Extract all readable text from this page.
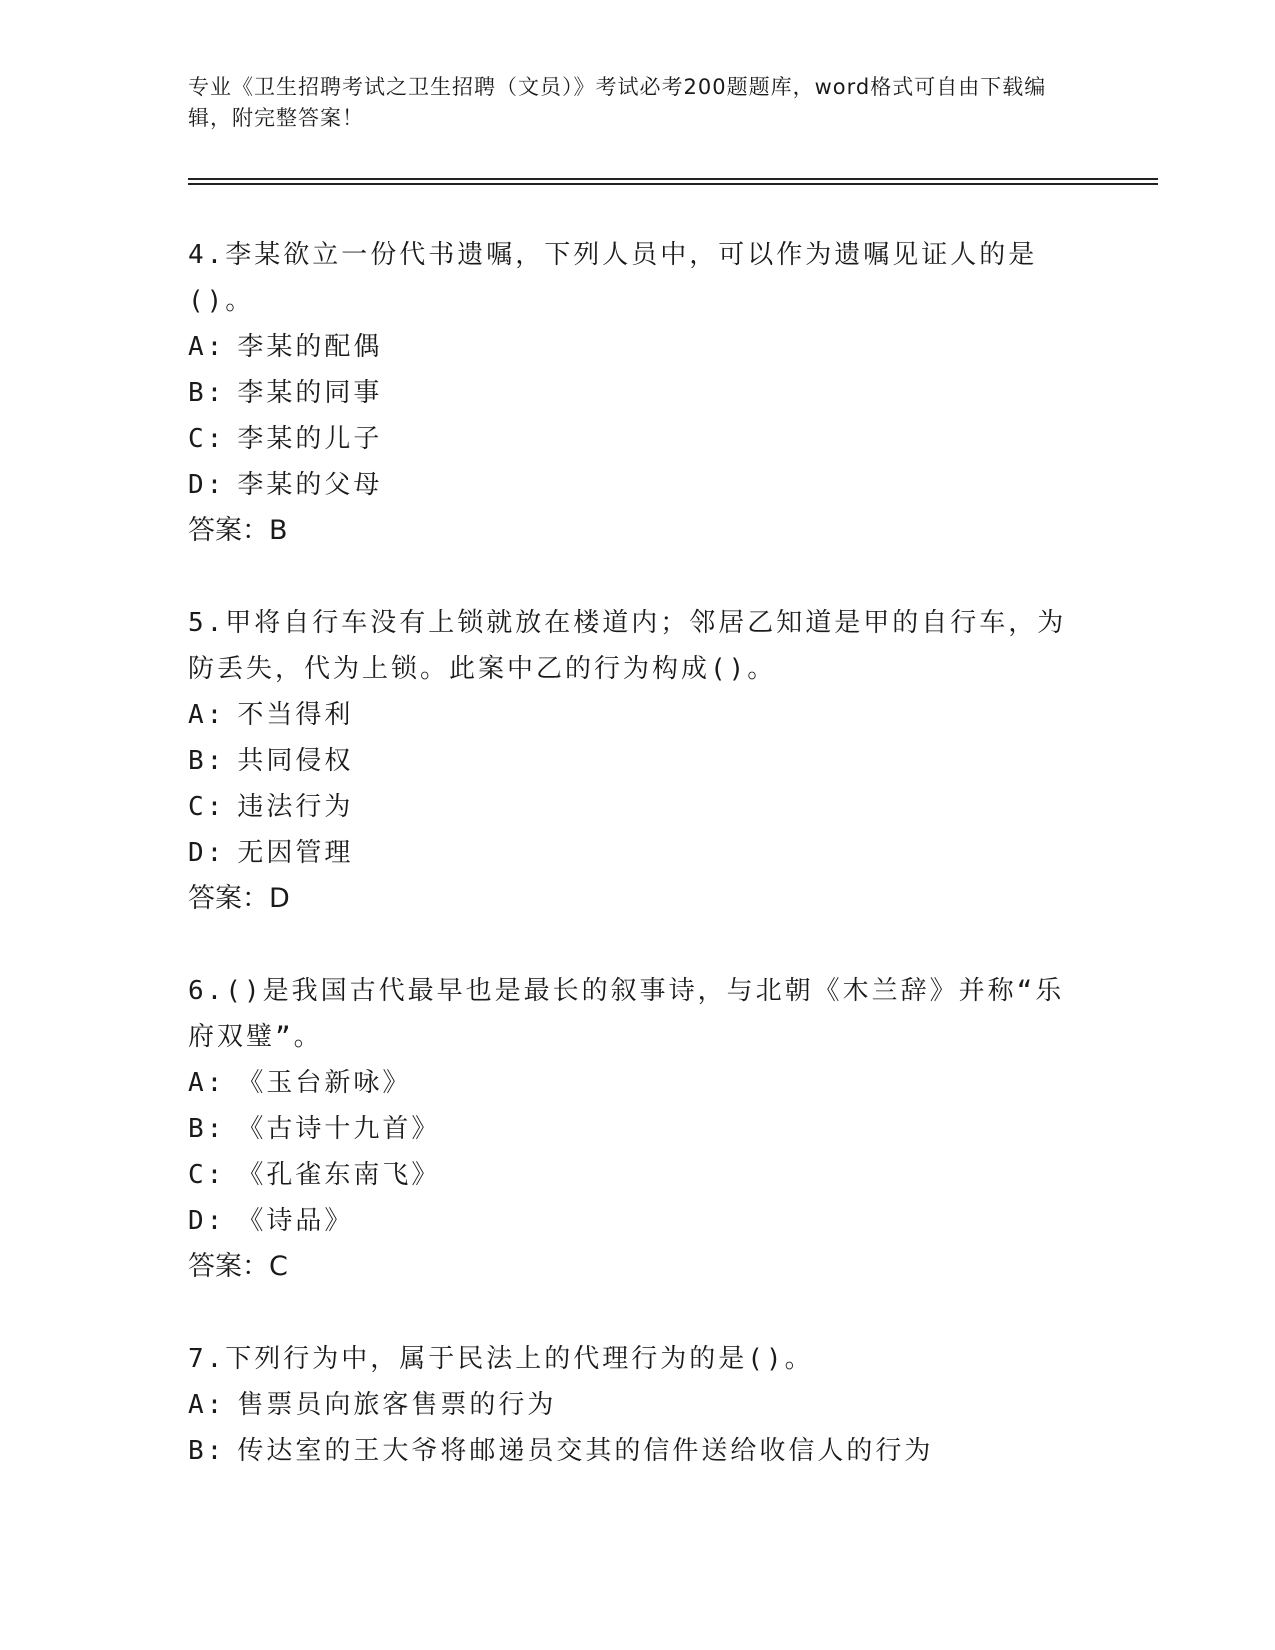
专业《卫生招聘考试之卫生招聘（文员）》考试必考200题题库，word格式可自由下载编辑，附完整答案！

4.李某欲立一份代书遗嘱，下列人员中，可以作为遗嘱见证人的是()。

A: 李某的配偶

B: 李某的同事

C: 李某的儿子

D: 李某的父母

答案：B

5.甲将自行车没有上锁就放在楼道内；邻居乙知道是甲的自行车，为防丢失，代为上锁。此案中乙的行为构成()。

A: 不当得利

B: 共同侵权

C: 违法行为

D: 无因管理

答案：D

6.()是我国古代最早也是最长的叙事诗，与北朝《木兰辞》并称“乐府双璧”。

A: 《玉台新咏》

B: 《古诗十九首》

C: 《孔雀东南飞》

D: 《诗品》

答案：C

7.下列行为中，属于民法上的代理行为的是()。

A: 售票员向旅客售票的行为

B: 传达室的王大爷将邮递员交其的信件送给收信人的行为
